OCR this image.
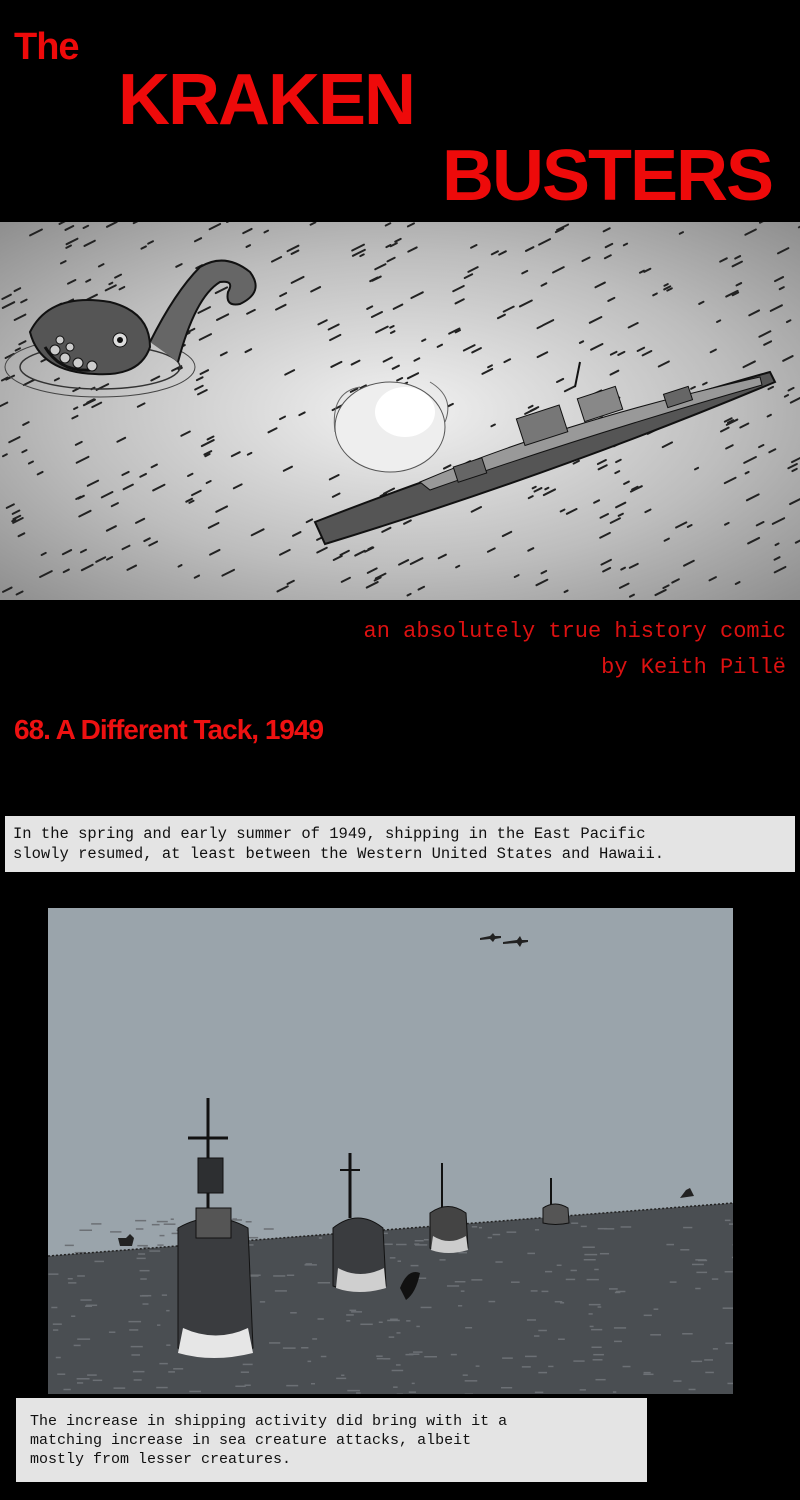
The
KRAKEN
BUSTERS
an absolutely true history comic
by Keith Pillë
68. A Different Tack, 1949

In the spring and early summer of 1949, shipping in the East Pacific

slowly resumed, at least between the Western United States and Hawaii.

The increase in shipping activity did bring with it a

matching increase in sea creature attacks, albeit

mostly from lesser creatures.
